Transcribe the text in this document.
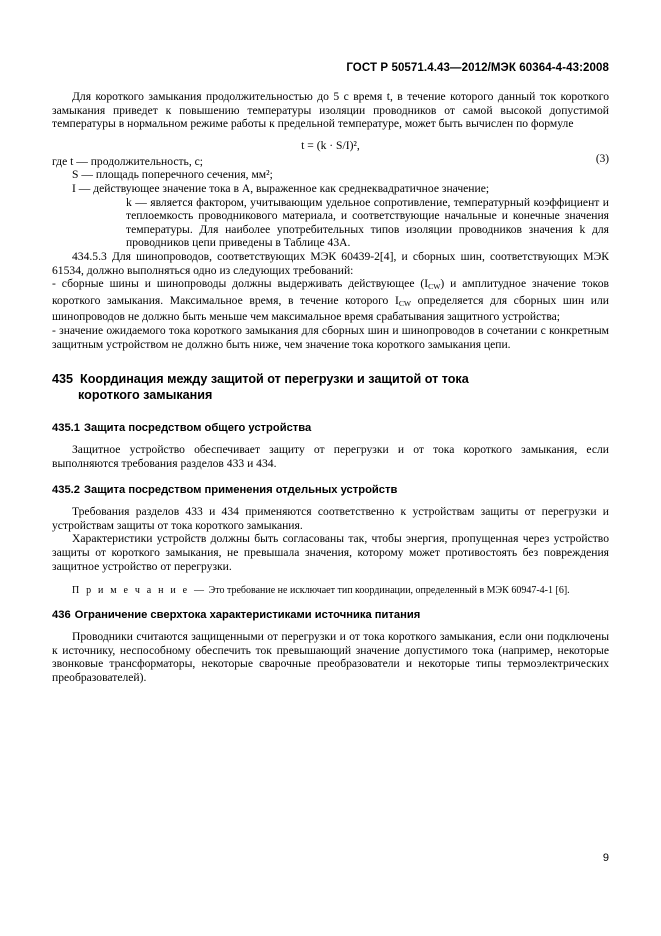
ГОСТ Р 50571.4.43—2012/МЭК 60364-4-43:2008

Для короткого замыкания продолжительностью до 5 с время t, в течение которого данный ток короткого замыкания приведет к повышению температуры изоляции проводников от самой высокой допустимой температуры в нормальном режиме работы к предельной температуре, может быть вычислен по формуле

t = (k · S/I)²,
(3)

где t — продолжительность, с;

S — площадь поперечного сечения, мм²;

I — действующее значение тока в А, выраженное как среднеквадратичное значение;

k — является фактором, учитывающим удельное сопротивление, температурный коэффициент и теплоемкость проводникового материала, и соответствующие начальные и конечные значения температуры. Для наиболее употребительных типов изоляции проводников значения k для проводников цепи приведены в Таблице 43А.

434.5.3 Для шинопроводов, соответствующих МЭК 60439-2[4], и сборных шин, соответствующих МЭК 61534, должно выполняться одно из следующих требований:

- сборные шины и шинопроводы должны выдерживать действующее $(I_{CW})$ и амплитудное значение токов короткого замыкания. Максимальное время, в течение которого $I_{CW}$ определяется для сборных шин или шинопроводов не должно быть меньше чем максимальное время срабатывания защитного устройства;

- значение ожидаемого тока короткого замыкания для сборных шин и шинопроводов в сочетании с конкретным защитным устройством не должно быть ниже, чем значение тока короткого замыкания цепи.

435 Координация между защитой от перегрузки и защитой от тока
короткого замыкания
435.1 Защита посредством общего устройства

Защитное устройство обеспечивает защиту от перегрузки и от тока короткого замыкания, если выполняются требования разделов 433 и 434.

435.2 Защита посредством применения отдельных устройств

Требования разделов 433 и 434 применяются соответственно к устройствам защиты от перегрузки и устройствам защиты от тока короткого замыкания.

Характеристики устройств должны быть согласованы так, чтобы энергия, пропущенная через устройство защиты от короткого замыкания, не превышала значения, которому может противостоять без повреждения защитное устройство от перегрузки.

П р и м е ч а н и е — Это требование не исключает тип координации, определенный в МЭК 60947-4-1 [6].

436 Ограничение сверхтока характеристиками источника питания

Проводники считаются защищенными от перегрузки и от тока короткого замыкания, если они подключены к источнику, неспособному обеспечить ток превышающий значение допустимого тока (например, некоторые звонковые трансформаторы, некоторые сварочные преобразователи и некоторые типы термоэлектрических преобразователей).

9
